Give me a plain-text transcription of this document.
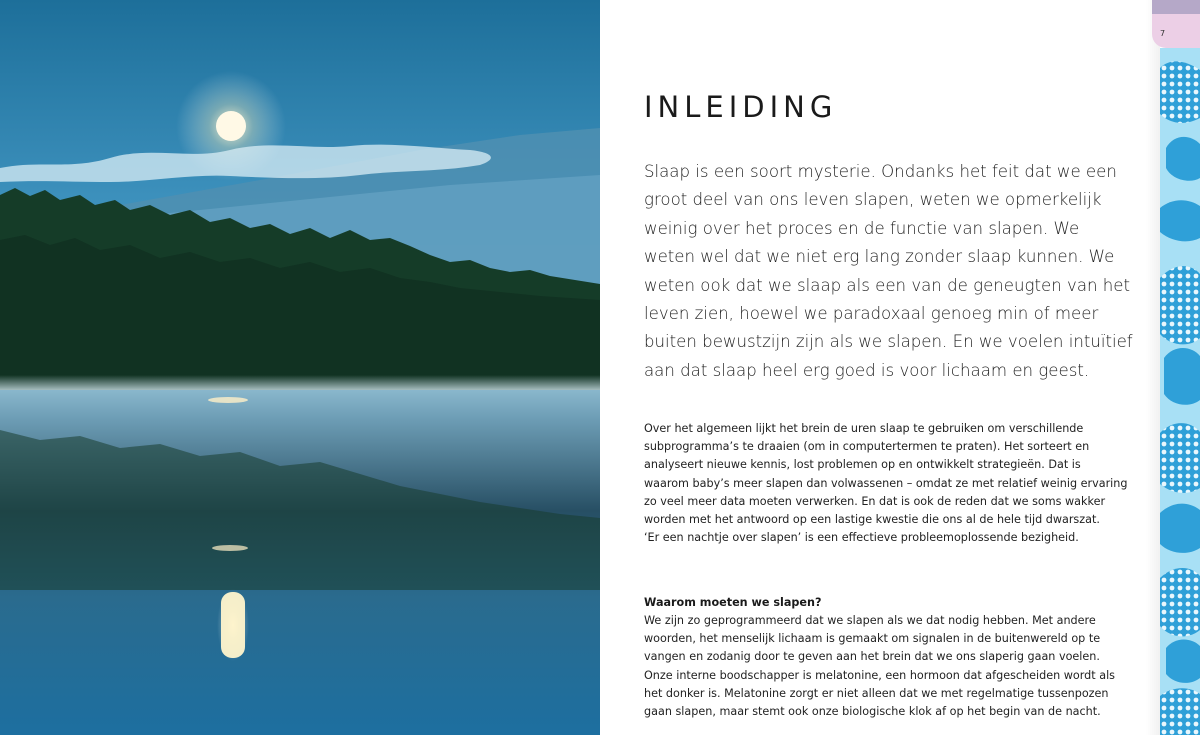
INLEIDING
Slaap is een soort mysterie. Ondanks het feit dat we een
groot deel van ons leven slapen, weten we opmerkelijk
weinig over het proces en de functie van slapen. We
weten wel dat we niet erg lang zonder slaap kunnen. We
weten ook dat we slaap als een van de geneugten van het
leven zien, hoewel we paradoxaal genoeg min of meer
buiten bewustzijn zijn als we slapen. En we voelen intuïtief
aan dat slaap heel erg goed is voor lichaam en geest.
Over het algemeen lijkt het brein de uren slaap te gebruiken om verschillende
subprogramma’s te draaien (om in computertermen te praten). Het sorteert en
analyseert nieuwe kennis, lost problemen op en ontwikkelt strategieën. Dat is
waarom baby’s meer slapen dan volwassenen – omdat ze met relatief weinig ervaring
zo veel meer data moeten verwerken. En dat is ook de reden dat we soms wakker
worden met het antwoord op een lastige kwestie die ons al de hele tijd dwarszat.
‘Er een nachtje over slapen’ is een effectieve probleemoplossende bezigheid.
Waarom moeten we slapen?
We zijn zo geprogrammeerd dat we slapen als we dat nodig hebben. Met andere
woorden, het menselijk lichaam is gemaakt om signalen in de buitenwereld op te
vangen en zodanig door te geven aan het brein dat we ons slaperig gaan voelen.
Onze interne boodschapper is melatonine, een hormoon dat afgescheiden wordt als
het donker is. Melatonine zorgt er niet alleen dat we met regelmatige tussenpozen
gaan slapen, maar stemt ook onze biologische klok af op het begin van de nacht.
7
